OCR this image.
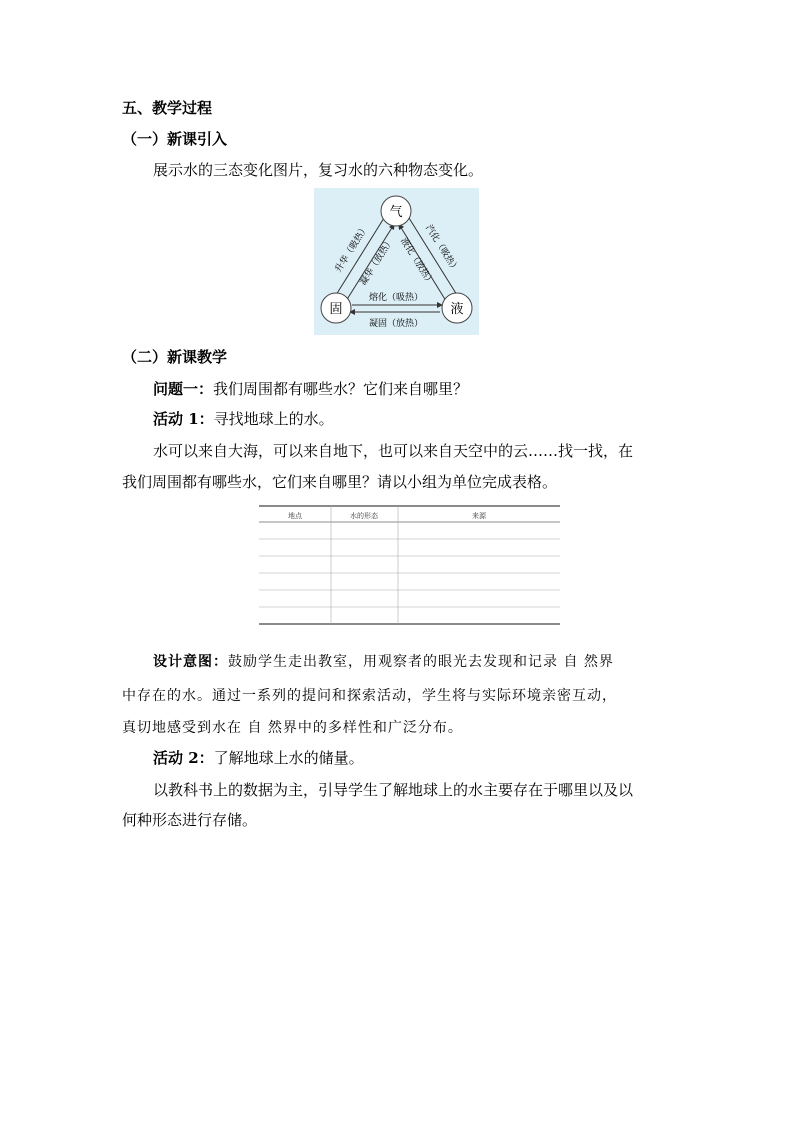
五、教学过程
（一）新课引入
展示水的三态变化图片，复习水的六种物态变化。
气
固	液
升华（吸热）
凝华（放热）	汽化（吸热）
液化（放热）
熔化（吸热）
凝固（放热）
（二）新课教学
问题一：我们周围都有哪些水？它们来自哪里？
活动 1：寻找地球上的水。
水可以来自大海，可以来自地下，也可以来自天空中的云……找一找，在
我们周围都有哪些水，它们来自哪里？请以小组为单位完成表格。
地点	水的形态	来源
设计意图：鼓励学生走出教室，用观察者的眼光去发现和记录 自 然界
中存在的水。通过一系列的提问和探索活动，学生将与实际环境亲密互动，
真切地感受到水在 自 然界中的多样性和广泛分布。
活动 2：了解地球上水的储量。
以教科书上的数据为主，引导学生了解地球上的水主要存在于哪里以及以
何种形态进行存储。
